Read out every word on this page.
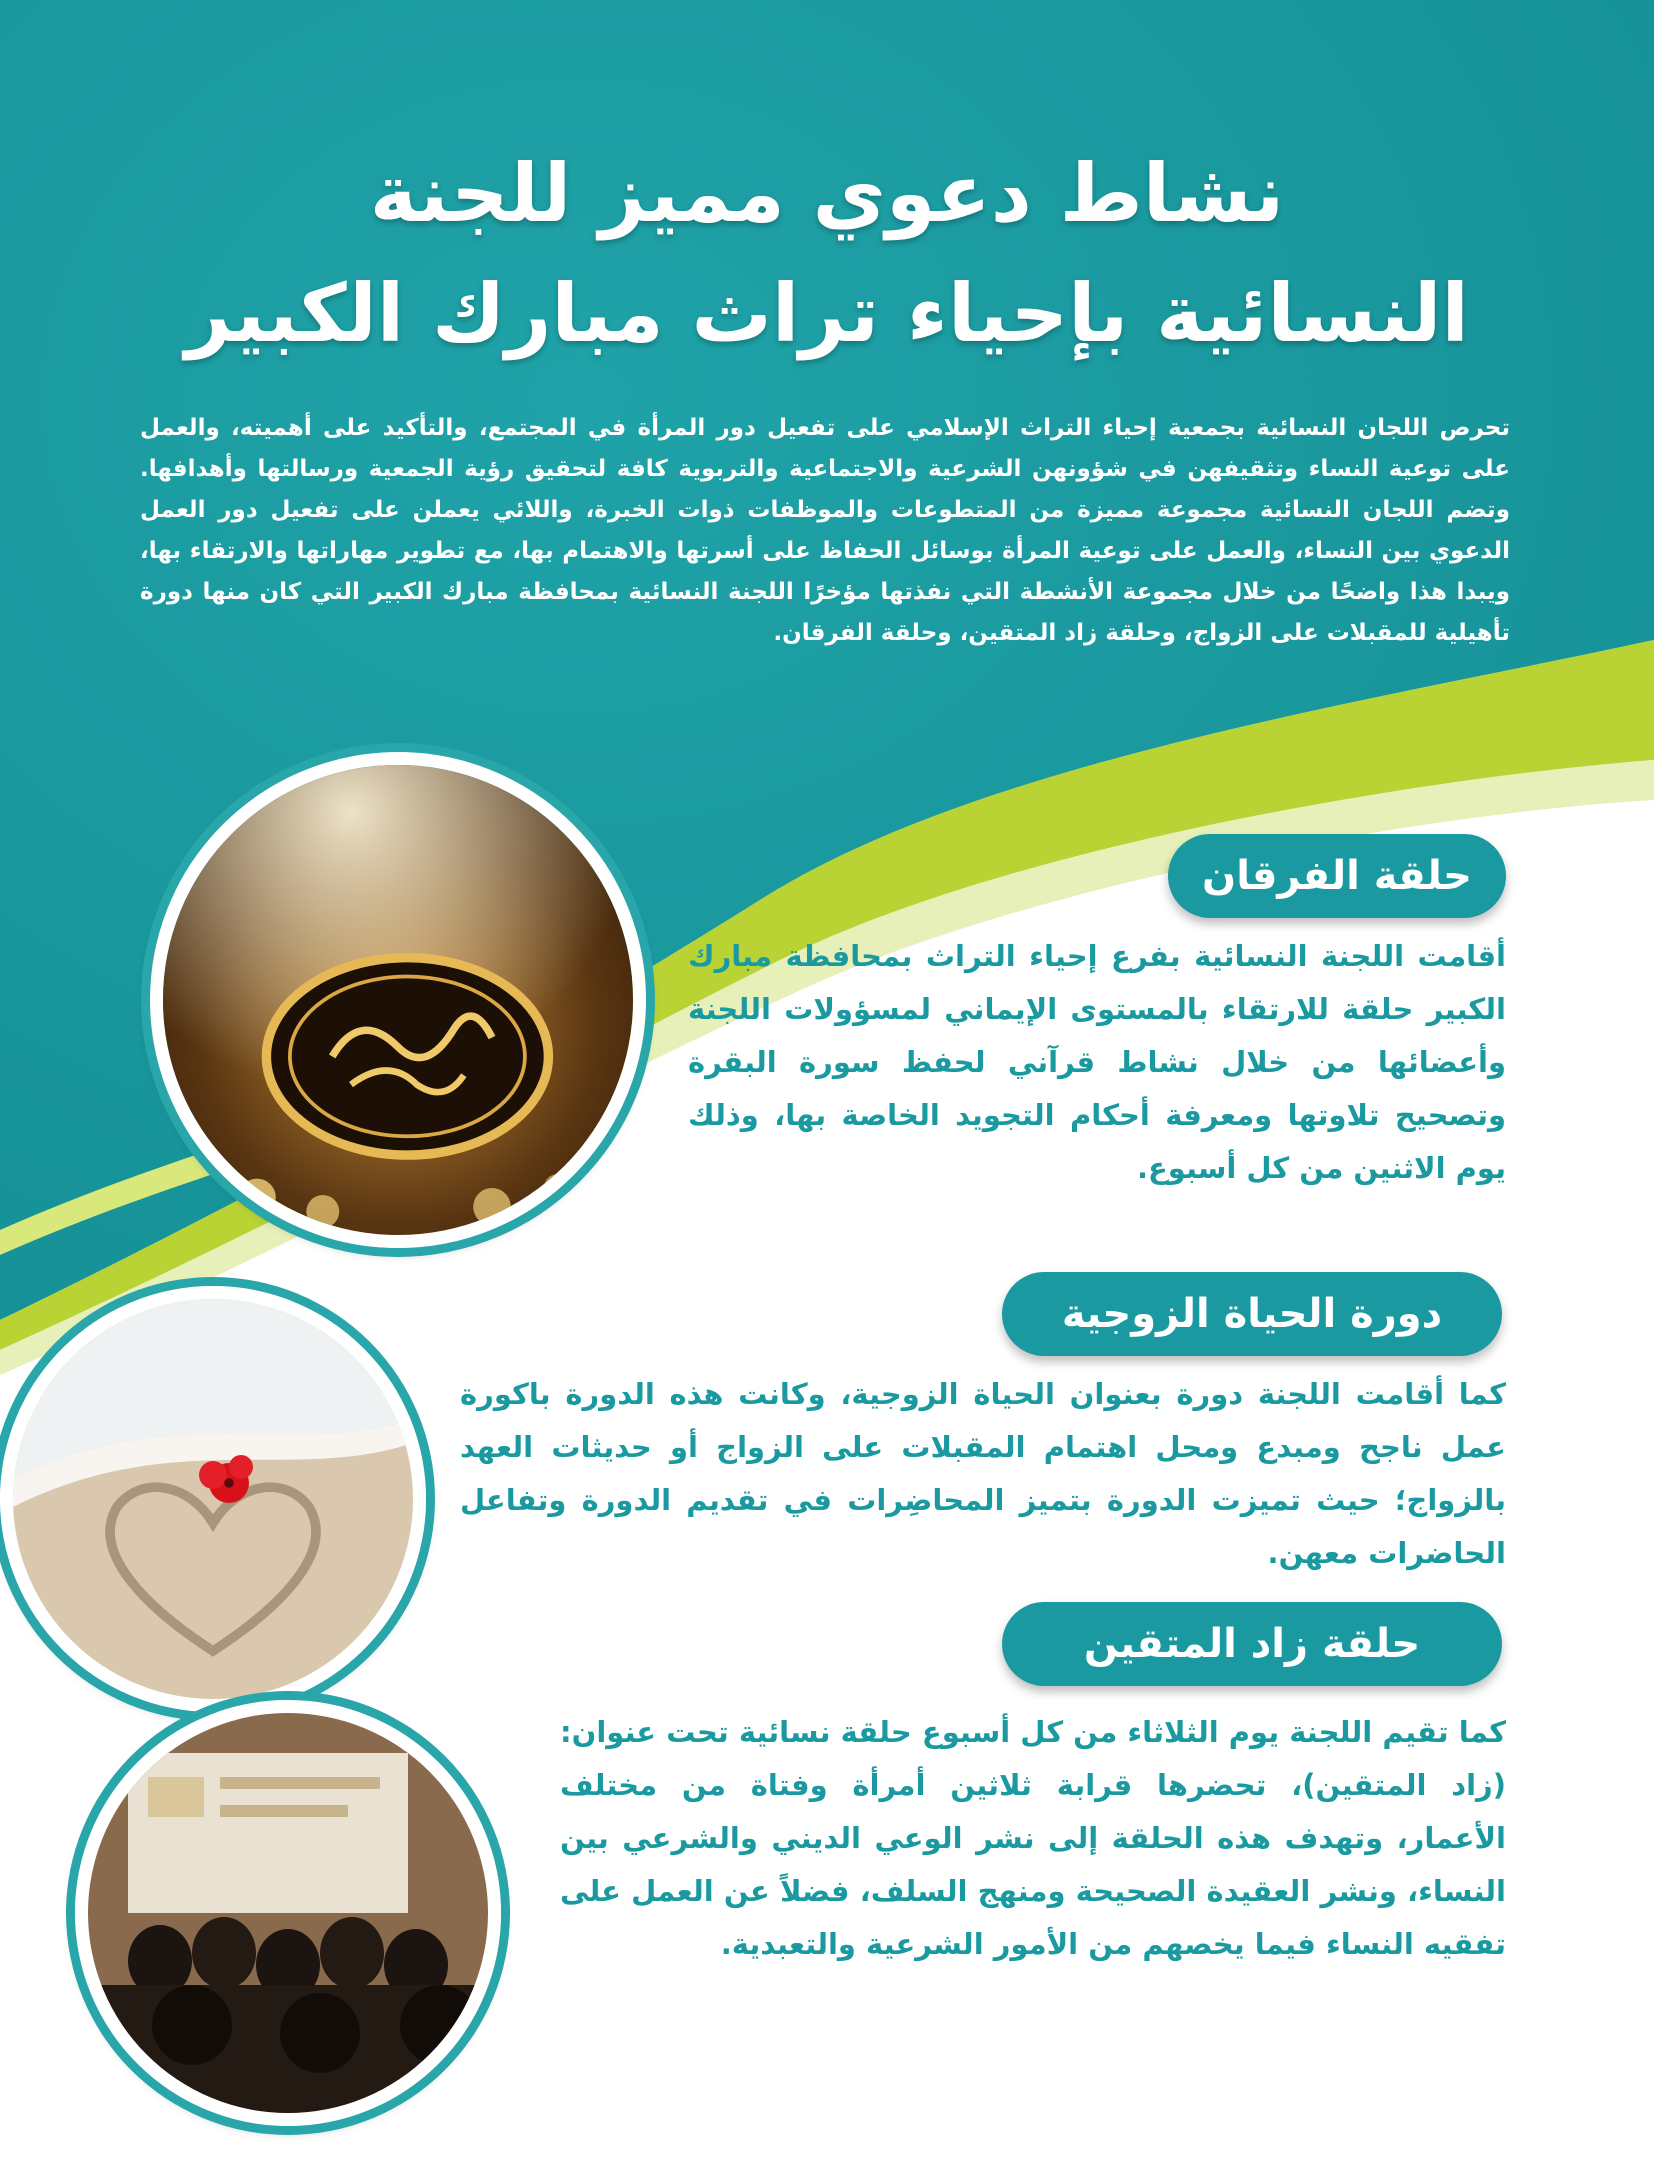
نشاط دعوي مميز للجنة
النسائية بإحياء تراث مبارك الكبير
تحرص اللجان النسائية بجمعية إحياء التراث الإسلامي على تفعيل دور المرأة في المجتمع، والتأكيد على أهميته، والعمل على توعية النساء وتثقيفهن في شؤونهن الشرعية والاجتماعية والتربوية كافة لتحقيق رؤية الجمعية ورسالتها وأهدافها. وتضم اللجان النسائية مجموعة مميزة من المتطوعات والموظفات ذوات الخبرة، واللائي يعملن على تفعيل دور العمل الدعوي بين النساء، والعمل على توعية المرأة بوسائل الحفاظ على أسرتها والاهتمام بها، مع تطوير مهاراتها والارتقاء بها، ويبدا هذا واضحًا من خلال مجموعة الأنشطة التي نفذتها مؤخرًا اللجنة النسائية بمحافظة مبارك الكبير التي كان منها دورة تأهيلية للمقبلات على الزواج، وحلقة زاد المتقين، وحلقة الفرقان.
حلقة الفرقان
أقامت اللجنة النسائية بفرع إحياء التراث بمحافظة مبارك الكبير حلقة للارتقاء بالمستوى الإيماني لمسؤولات اللجنة وأعضائها من خلال نشاط قرآني لحفظ سورة البقرة وتصحيح تلاوتها ومعرفة أحكام التجويد الخاصة بها، وذلك يوم الاثنين من كل أسبوع.
دورة الحياة الزوجية
كما أقامت اللجنة دورة بعنوان الحياة الزوجية، وكانت هذه الدورة باكورة عمل ناجح ومبدع ومحل اهتمام المقبلات على الزواج أو حديثات العهد بالزواج؛ حيث تميزت الدورة بتميز المحاضِرات في تقديم الدورة وتفاعل الحاضرات معهن.
حلقة زاد المتقين
كما تقيم اللجنة يوم الثلاثاء من كل أسبوع حلقة نسائية تحت عنوان: (زاد المتقين)، تحضرها قرابة ثلاثين أمرأة وفتاة من مختلف الأعمار، وتهدف هذه الحلقة إلى نشر الوعي الديني والشرعي بين النساء، ونشر العقيدة الصحيحة ومنهج السلف، فضلاً عن العمل على تفقيه النساء فيما يخصهم من الأمور الشرعية والتعبدية.
